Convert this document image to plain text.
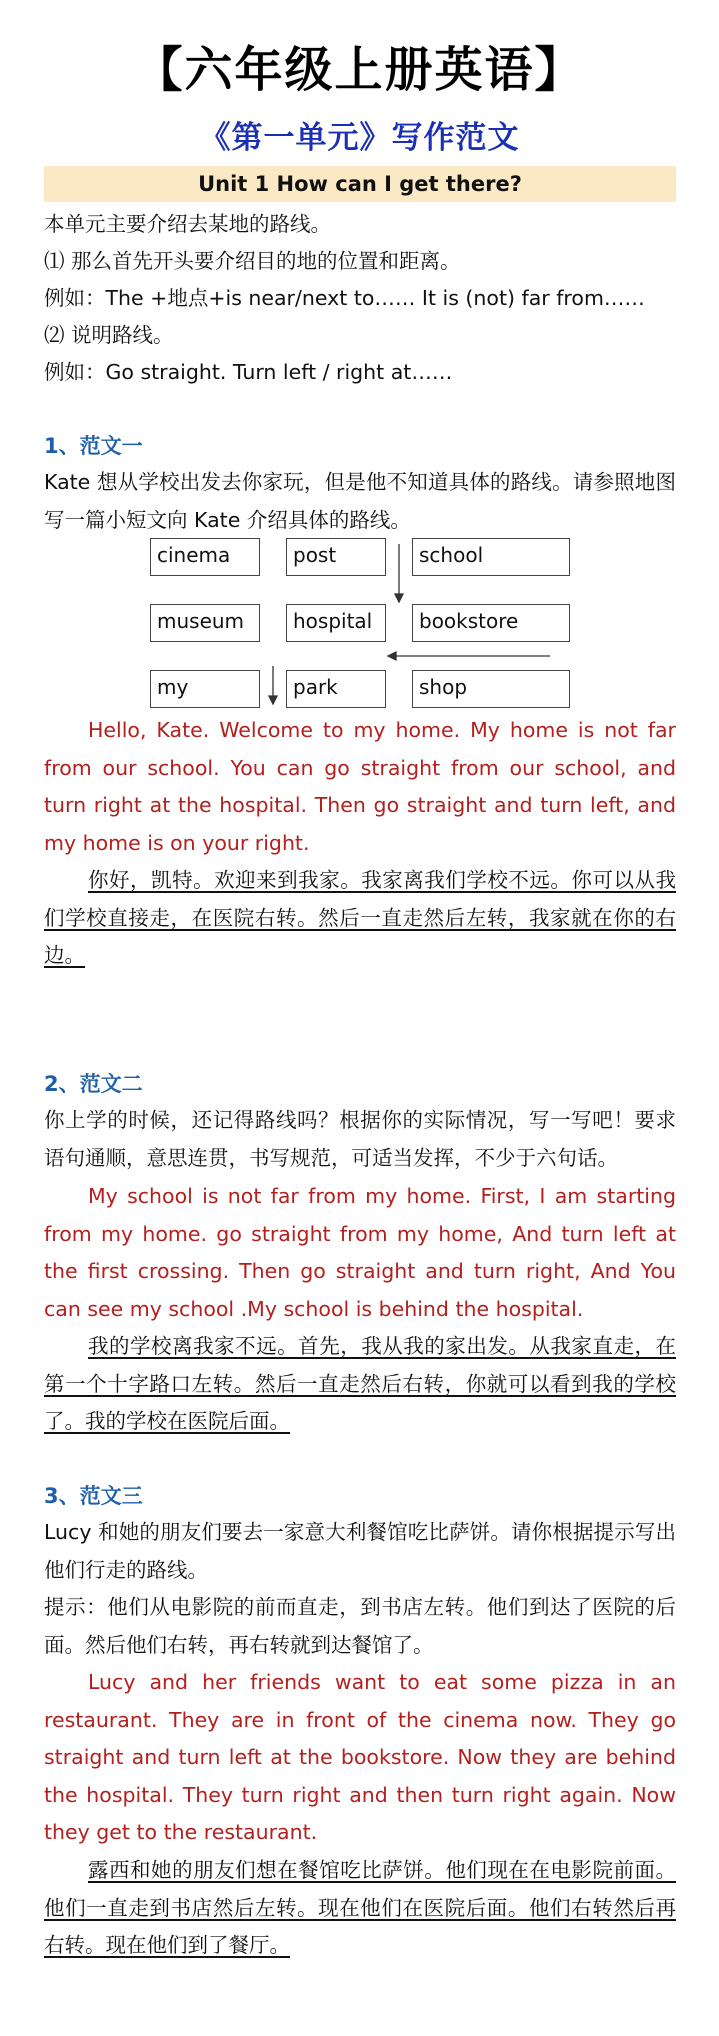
【六年级上册英语】
《第一单元》写作范文
Unit 1 How can I get there?
本单元主要介绍去某地的路线。
⑴ 那么首先开头要介绍目的地的位置和距离。
例如：The +地点+is near/next to…… It is (not) far from……
⑵ 说明路线。
例如：Go straight. Turn left / right at……
1、范文一
Kate 想从学校出发去你家玩，但是他不知道具体的路线。请参照地图写一篇小短文向 Kate 介绍具体的路线。
cinema	post	school
museum	hospital	bookstore
my	park	shop
Hello, Kate. Welcome to my home. My home is not far from our school. You can go straight from our school, and turn right at the hospital. Then go straight and turn left, and my home is on your right.
你好，凯特。欢迎来到我家。我家离我们学校不远。你可以从我们学校直接走，在医院右转。然后一直走然后左转，我家就在你的右边。
2、范文二
你上学的时候，还记得路线吗？根据你的实际情况，写一写吧！要求语句通顺，意思连贯，书写规范，可适当发挥，不少于六句话。
My school is not far from my home. First, I am starting from my home. go straight from my home, And turn left at the first crossing. Then go straight and turn right, And You can see my school .My school is behind the hospital.
我的学校离我家不远。首先，我从我的家出发。从我家直走，在第一个十字路口左转。然后一直走然后右转，你就可以看到我的学校了。我的学校在医院后面。
3、范文三
Lucy 和她的朋友们要去一家意大利餐馆吃比萨饼。请你根据提示写出他们行走的路线。
提示：他们从电影院的前而直走，到书店左转。他们到达了医院的后面。然后他们右转，再右转就到达餐馆了。
Lucy and her friends want to eat some pizza in an restaurant. They are in front of the cinema now. They go straight and turn left at the bookstore. Now they are behind the hospital. They turn right and then turn right again. Now they get to the restaurant.
露西和她的朋友们想在餐馆吃比萨饼。他们现在在电影院前面。他们一直走到书店然后左转。现在他们在医院后面。他们右转然后再右转。现在他们到了餐厅。
